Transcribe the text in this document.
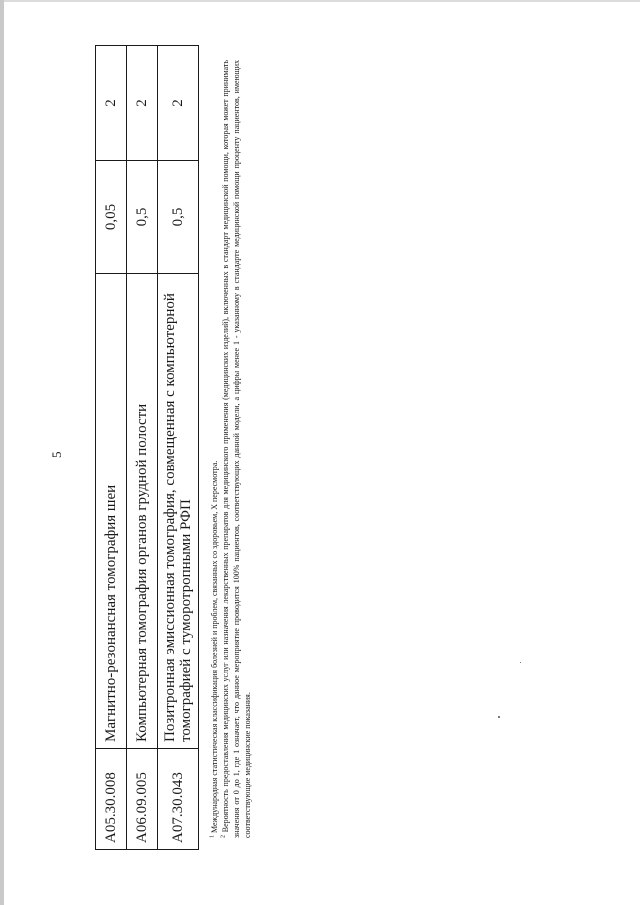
5
A05.30.008	Магнитно-резонансная томография шеи	0,05	2
A06.09.005	Компьютерная томография органов грудной полости	0,5	2
A07.30.043	Позитронная эмиссионная томография, совмещенная с компьютерной томографией с туморотропными РФП	0,5	2

$^1$ Международная статистическая классификация болезней и проблем, связанных со здоровьем, X пересмотра.

$^2$ Вероятность предоставления медицинских услуг или назначения лекарственных препаратов для медицинского применения (медицинских изделий), включенных в стандарт медицинской помощи, которая может принимать значения от 0 до 1, где 1 означает, что данное мероприятие проводится 100% пациентов, соответствующих данной модели, а цифры менее 1 - указанному в стандарте медицинской помощи проценту пациентов, имеющих соответствующие медицинские показания.
